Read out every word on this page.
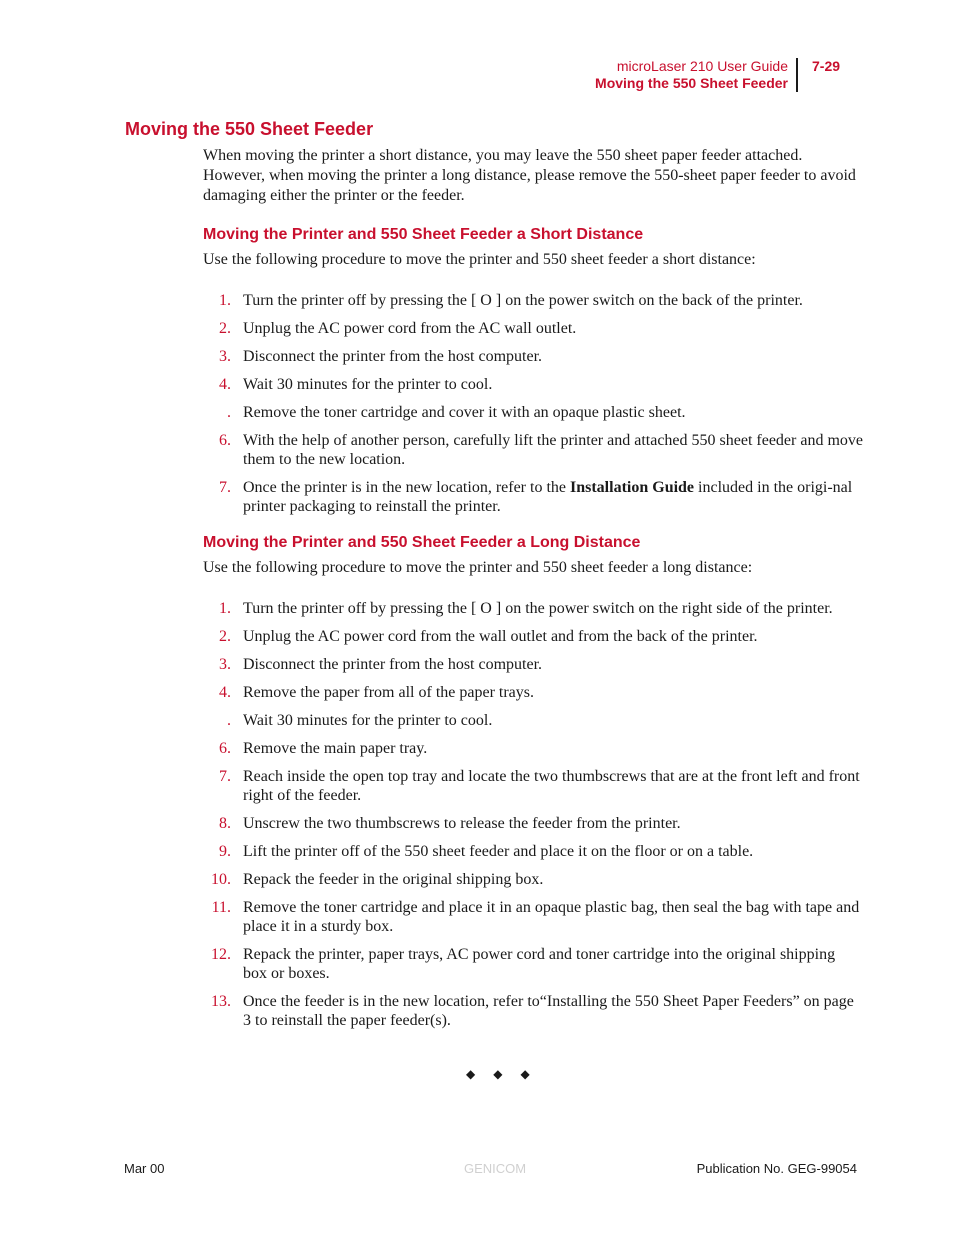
microLaser 210 User Guide
Moving the 550 Sheet Feeder
7-29
Moving the 550 Sheet Feeder

When moving the printer a short distance, you may leave the 550 sheet paper feeder attached. However, when moving the printer a long distance, please remove the 550-sheet paper feeder to avoid damaging either the printer or the feeder.

Moving the Printer and 550 Sheet Feeder a Short Distance

Use the following procedure to move the printer and 550 sheet feeder a short distance:

1. Turn the printer off by pressing the [ O ] on the power switch on the back of the printer.
2. Unplug the AC power cord from the AC wall outlet.
3. Disconnect the printer from the host computer.
4. Wait 30 minutes for the printer to cool.
. Remove the toner cartridge and cover it with an opaque plastic sheet.
6. With the help of another person, carefully lift the printer and attached 550 sheet feeder and move them to the new location.
7. Once the printer is in the new location, refer to the Installation Guide included in the origi-nal printer packaging to reinstall the printer.
Moving the Printer and 550 Sheet Feeder a Long Distance

Use the following procedure to move the printer and 550 sheet feeder a long distance:

1. Turn the printer off by pressing the [ O ] on the power switch on the right side of the printer.
2. Unplug the AC power cord from the wall outlet and from the back of the printer.
3. Disconnect the printer from the host computer.
4. Remove the paper from all of the paper trays.
. Wait 30 minutes for the printer to cool.
6. Remove the main paper tray.
7. Reach inside the open top tray and locate the two thumbscrews that are at the front left and front right of the feeder.
8. Unscrew the two thumbscrews to release the feeder from the printer.
9. Lift the printer off of the 550 sheet feeder and place it on the floor or on a table.
10. Repack the feeder in the original shipping box.
11. Remove the toner cartridge and place it in an opaque plastic bag, then seal the bag with tape and place it in a sturdy box.
12. Repack the printer, paper trays, AC power cord and toner cartridge into the original shipping box or boxes.
13. Once the feeder is in the new location, refer to“Installing the 550 Sheet Paper Feeders” on page 3 to reinstall the paper feeder(s).
◆◆◆
Mar 00	GENICOM	Publication No. GEG-99054
